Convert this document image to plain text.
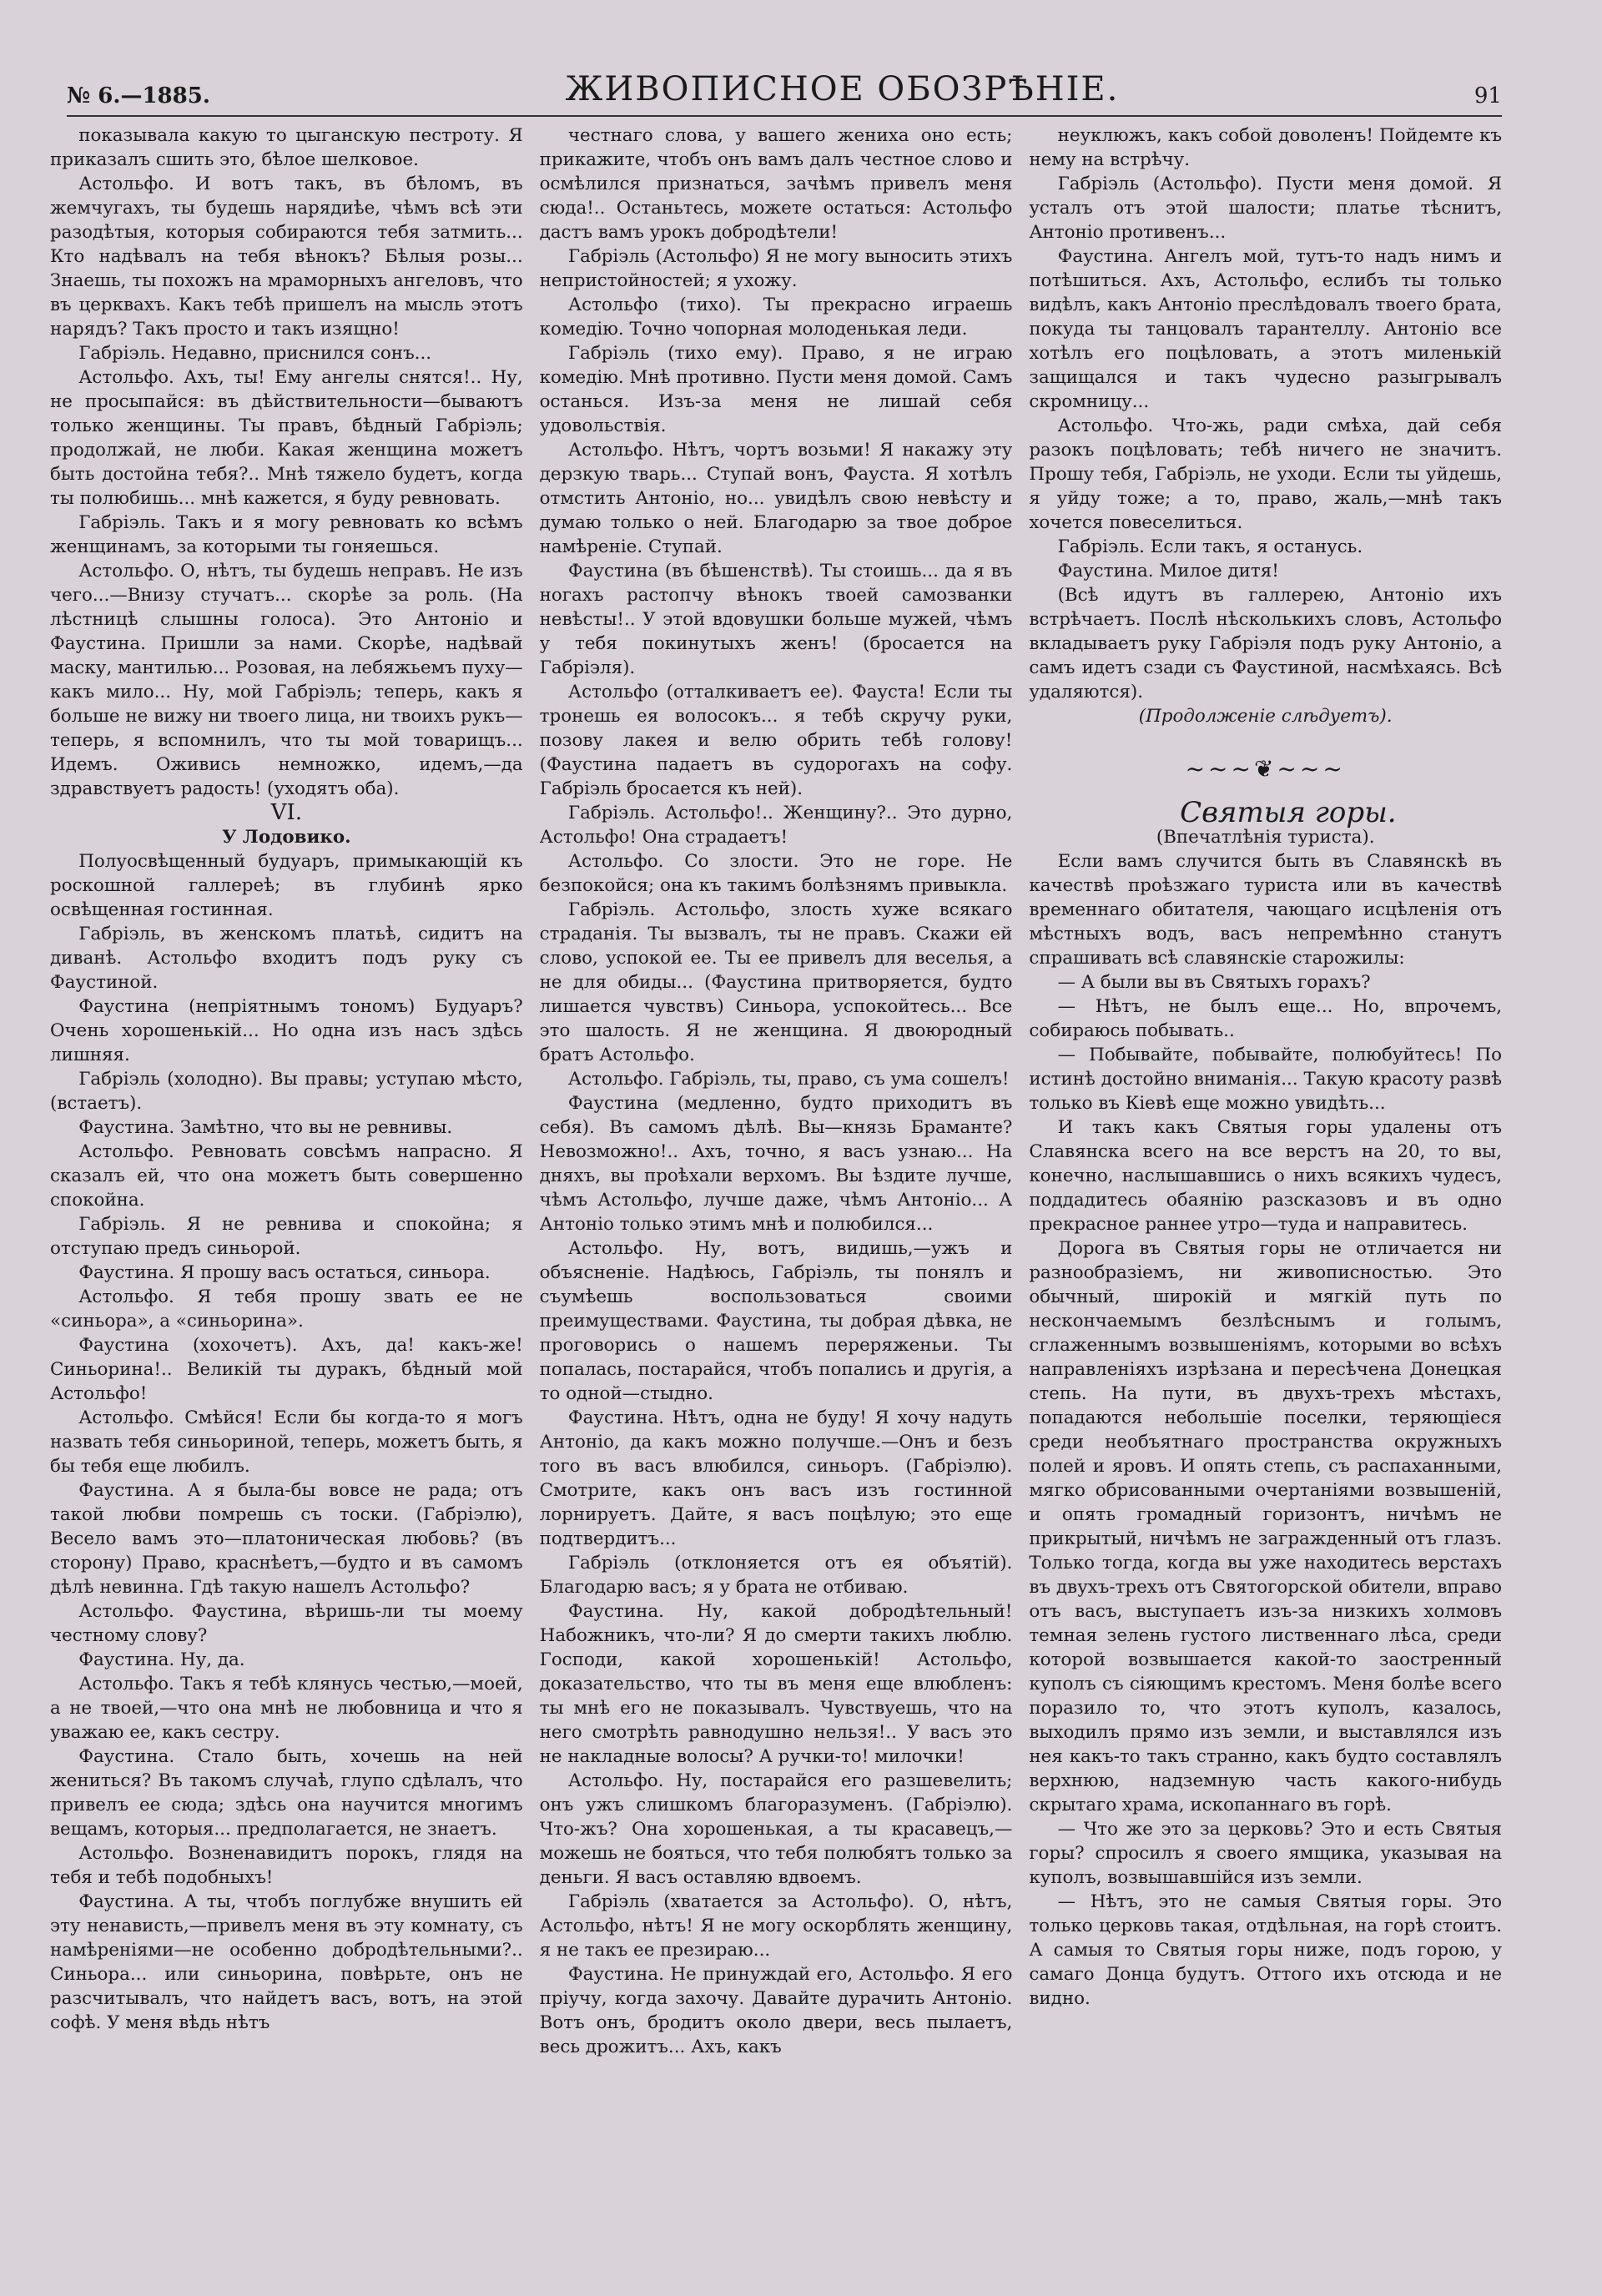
№ 6.—1885.	ЖИВОПИСНОЕ ОБОЗРѢНІЕ.	91

показывала какую то цыганскую пестроту. Я приказалъ сшить это, бѣлое шелковое.

Астольфо. И вотъ такъ, въ бѣломъ, въ жемчугахъ, ты будешь нарядиѣе, чѣмъ всѣ эти разодѣтыя, которыя собираются тебя затмить... Кто надѣвалъ на тебя вѣнокъ? Бѣлыя розы... Знаешь, ты похожъ на мраморныхъ ангеловъ, что въ церквахъ. Какъ тебѣ пришелъ на мысль этотъ нарядъ? Такъ просто и такъ изящно!

Габріэль. Недавно, приснился сонъ...

Астольфо. Ахъ, ты! Ему ангелы снятся!.. Ну, не просыпайся: въ дѣйствительности—бываютъ только женщины. Ты правъ, бѣдный Габріэль; продолжай, не люби. Какая женщина можетъ быть достойна тебя?.. Мнѣ тяжело будетъ, когда ты полюбишь... мнѣ кажется, я буду ревновать.

Габріэль. Такъ и я могу ревновать ко всѣмъ женщинамъ, за которыми ты гоняешься.

Астольфо. О, нѣтъ, ты будешь неправъ. Не изъ чего...—Внизу стучатъ... скорѣе за роль. (На лѣстницѣ слышны голоса). Это Антоніо и Фаустина. Пришли за нами. Скорѣе, надѣвай маску, мантилью... Розовая, на лебяжьемъ пуху—какъ мило... Ну, мой Габріэль; теперь, какъ я больше не вижу ни твоего лица, ни твоихъ рукъ—теперь, я вспомнилъ, что ты мой товарищъ... Идемъ. Оживись немножко, идемъ,—да здравствуетъ радость! (уходятъ оба).

VI.

У Лодовико.

Полуосвѣщенный будуаръ, примыкающій къ роскошной галлереѣ; въ глубинѣ ярко освѣщенная гостинная.

Габріэль, въ женскомъ платьѣ, сидитъ на диванѣ. Астольфо входитъ подъ руку съ Фаустиной.

Фаустина (непріятнымъ тономъ) Будуаръ? Очень хорошенькій... Но одна изъ насъ здѣсь лишняя.

Габріэль (холодно). Вы правы; уступаю мѣсто, (встаетъ).

Фаустина. Замѣтно, что вы не ревнивы.

Астольфо. Ревновать совсѣмъ напрасно. Я сказалъ ей, что она можетъ быть совершенно спокойна.

Габріэль. Я не ревнива и спокойна; я отступаю предъ синьорой.

Фаустина. Я прошу васъ остаться, синьора.

Астольфо. Я тебя прошу звать ее не «синьора», а «синьорина».

Фаустина (хохочетъ). Ахъ, да! какъ-же! Синьорина!.. Великій ты дуракъ, бѣдный мой Астольфо!

Астольфо. Смѣйся! Если бы когда-то я могъ назвать тебя синьориной, теперь, можетъ быть, я бы тебя еще любилъ.

Фаустина. А я была-бы вовсе не рада; отъ такой любви помрешь съ тоски. (Габріэлю), Весело вамъ это—платоническая любовь? (въ сторону) Право, краснѣетъ,—будто и въ самомъ дѣлѣ невинна. Гдѣ такую нашелъ Астольфо?

Астольфо. Фаустина, вѣришь-ли ты моему честному слову?

Фаустина. Ну, да.

Астольфо. Такъ я тебѣ клянусь честью,—моей, а не твоей,—что она мнѣ не любовница и что я уважаю ее, какъ сестру.

Фаустина. Стало быть, хочешь на ней жениться? Въ такомъ случаѣ, глупо сдѣлалъ, что привелъ ее сюда; здѣсь она научится многимъ вещамъ, которыя... предполагается, не знаетъ.

Астольфо. Возненавидитъ порокъ, глядя на тебя и тебѣ подобныхъ!

Фаустина. А ты, чтобъ поглубже внушить ей эту ненависть,—привелъ меня въ эту комнату, съ намѣреніями—не особенно добродѣтельными?.. Синьора... или синьорина, повѣрьте, онъ не разсчитывалъ, что найдетъ васъ, вотъ, на этой софѣ. У меня вѣдь нѣтъ

честнаго слова, у вашего жениха оно есть; прикажите, чтобъ онъ вамъ далъ честное слово и осмѣлился признаться, зачѣмъ привелъ меня сюда!.. Останьтесь, можете остаться: Астольфо дастъ вамъ урокъ добродѣтели!

Габріэль (Астольфо) Я не могу выносить этихъ непристойностей; я ухожу.

Астольфо (тихо). Ты прекрасно играешь комедію. Точно чопорная молоденькая леди.

Габріэль (тихо ему). Право, я не играю комедію. Мнѣ противно. Пусти меня домой. Самъ останься. Изъ-за меня не лишай себя удовольствія.

Астольфо. Нѣтъ, чортъ возьми! Я накажу эту дерзкую тварь... Ступай вонъ, Фауста. Я хотѣлъ отмстить Антоніо, но... увидѣлъ свою невѣсту и думаю только о ней. Благодарю за твое доброе намѣреніе. Ступай.

Фаустина (въ бѣшенствѣ). Ты стоишь... да я въ ногахъ растопчу вѣнокъ твоей самозванки невѣсты!.. У этой вдовушки больше мужей, чѣмъ у тебя покинутыхъ женъ! (бросается на Габріэля).

Астольфо (отталкиваетъ ее). Фауста! Если ты тронешь ея волосокъ... я тебѣ скручу руки, позову лакея и велю обрить тебѣ голову! (Фаустина падаетъ въ судорогахъ на софу. Габріэль бросается къ ней).

Габріэль. Астольфо!.. Женщину?.. Это дурно, Астольфо! Она страдаетъ!

Астольфо. Со злости. Это не горе. Не безпокойся; она къ такимъ болѣзнямъ привыкла.

Габріэль. Астольфо, злость хуже всякаго страданія. Ты вызвалъ, ты не правъ. Скажи ей слово, успокой ее. Ты ее привелъ для веселья, а не для обиды... (Фаустина притворяется, будто лишается чувствъ) Синьора, успокойтесь... Все это шалость. Я не женщина. Я двоюродный братъ Астольфо.

Астольфо. Габріэль, ты, право, съ ума сошелъ!

Фаустина (медленно, будто приходитъ въ себя). Въ самомъ дѣлѣ. Вы—князь Браманте? Невозможно!.. Ахъ, точно, я васъ узнаю... На дняхъ, вы проѣхали верхомъ. Вы ѣздите лучше, чѣмъ Астольфо, лучше даже, чѣмъ Антоніо... А Антоніо только этимъ мнѣ и полюбился...

Астольфо. Ну, вотъ, видишь,—ужъ и объясненіе. Надѣюсь, Габріэль, ты понялъ и съумѣешь воспользоваться своими преимуществами. Фаустина, ты добрая дѣвка, не проговорись о нашемъ переряженьи. Ты попалась, постарайся, чтобъ попались и другія, а то одной—стыдно.

Фаустина. Нѣтъ, одна не буду! Я хочу надуть Антоніо, да какъ можно получше.—Онъ и безъ того въ васъ влюбился, синьоръ. (Габріэлю). Смотрите, какъ онъ васъ изъ гостинной лорнируетъ. Дайте, я васъ поцѣлую; это еще подтвердитъ...

Габріэль (отклоняется отъ ея объятій). Благодарю васъ; я у брата не отбиваю.

Фаустина. Ну, какой добродѣтельный! Набожникъ, что-ли? Я до смерти такихъ люблю. Господи, какой хорошенькій! Астольфо, доказательство, что ты въ меня еще влюбленъ: ты мнѣ его не показывалъ. Чувствуешь, что на него смотрѣть равнодушно нельзя!.. У васъ это не накладные волосы? А ручки-то! милочки!

Астольфо. Ну, постарайся его разшевелить; онъ ужъ слишкомъ благоразуменъ. (Габріэлю). Что-жъ? Она хорошенькая, а ты красавецъ,—можешь не бояться, что тебя полюбятъ только за деньги. Я васъ оставляю вдвоемъ.

Габріэль (хватается за Астольфо). О, нѣтъ, Астольфо, нѣтъ! Я не могу оскорблять женщину, я не такъ ее презираю...

Фаустина. Не принуждай его, Астольфо. Я его пріучу, когда захочу. Давайте дурачить Антоніо. Вотъ онъ, бродитъ около двери, весь пылаетъ, весь дрожитъ... Ахъ, какъ

неуклюжъ, какъ собой доволенъ! Пойдемте къ нему на встрѣчу.

Габріэль (Астольфо). Пусти меня домой. Я усталъ отъ этой шалости; платье тѣснитъ, Антоніо противенъ...

Фаустина. Ангелъ мой, тутъ-то надъ нимъ и потѣшиться. Ахъ, Астольфо, еслибъ ты только видѣлъ, какъ Антоніо преслѣдовалъ твоего брата, покуда ты танцовалъ тарантеллу. Антоніо все хотѣлъ его поцѣловать, а этотъ миленькій защищался и такъ чудесно разыгрывалъ скромницу...

Астольфо. Что-жь, ради смѣха, дай себя разокъ поцѣловать; тебѣ ничего не значитъ. Прошу тебя, Габріэль, не уходи. Если ты уйдешь, я уйду тоже; а то, право, жаль,—мнѣ такъ хочется повеселиться.

Габріэль. Если такъ, я останусь.

Фаустина. Милое дитя!

(Всѣ идутъ въ галлерею, Антоніо ихъ встрѣчаетъ. Послѣ нѣсколькихъ словъ, Астольфо вкладываетъ руку Габріэля подъ руку Антоніо, а самъ идетъ сзади съ Фаустиной, насмѣхаясь. Всѣ удаляются).

(Продолженіе слѣдуетъ).

~~~❦~~~

Святыя горы.

(Впечатлѣнія туриста).

Если вамъ случится быть въ Славянскѣ въ качествѣ проѣзжаго туриста или въ качествѣ временнаго обитателя, чающаго исцѣленія отъ мѣстныхъ водъ, васъ непремѣнно станутъ спрашивать всѣ славянскіе старожилы:

— А были вы въ Святыхъ горахъ?

— Нѣтъ, не былъ еще... Но, впрочемъ, собираюсь побывать..

— Побывайте, побывайте, полюбуйтесь! По истинѣ достойно вниманія... Такую красоту развѣ только въ Кіевѣ еще можно увидѣть...

И такъ какъ Святыя горы удалены отъ Славянска всего на все верстъ на 20, то вы, конечно, наслышавшись о нихъ всякихъ чудесъ, поддадитесь обаянію разсказовъ и въ одно прекрасное раннее утро—туда и направитесь.

Дорога въ Святыя горы не отличается ни разнообразіемъ, ни живописностью. Это обычный, широкій и мягкій путь по нескончаемымъ безлѣснымъ и голымъ, сглаженнымъ возвышеніямъ, которыми во всѣхъ направленіяхъ изрѣзана и пересѣчена Донецкая степь. На пути, въ двухъ-трехъ мѣстахъ, попадаются небольшіе поселки, теряющіеся среди необъятнаго пространства окружныхъ полей и яровъ. И опять степь, съ распаханными, мягко обрисованными очертаніями возвышеній, и опять громадный горизонтъ, ничѣмъ не прикрытый, ничѣмъ не загражденный отъ глазъ. Только тогда, когда вы уже находитесь верстахъ въ двухъ-трехъ отъ Святогорской обители, вправо отъ васъ, выступаетъ изъ-за низкихъ холмовъ темная зелень густого лиственнаго лѣса, среди которой возвышается какой-то заостренный куполъ съ сіяющимъ крестомъ. Меня болѣе всего поразило то, что этотъ куполъ, казалось, выходилъ прямо изъ земли, и выставлялся изъ нея какъ-то такъ странно, какъ будто составлялъ верхнюю, надземную часть какого-нибудь скрытаго храма, ископаннаго въ горѣ.

— Что же это за церковь? Это и есть Святыя горы? спросилъ я своего ямщика, указывая на куполъ, возвышавшійся изъ земли.

— Нѣтъ, это не самыя Святыя горы. Это только церковь такая, отдѣльная, на горѣ стоитъ. А самыя то Святыя горы ниже, подъ горою, у самаго Донца будутъ. Оттого ихъ отсюда и не видно.
